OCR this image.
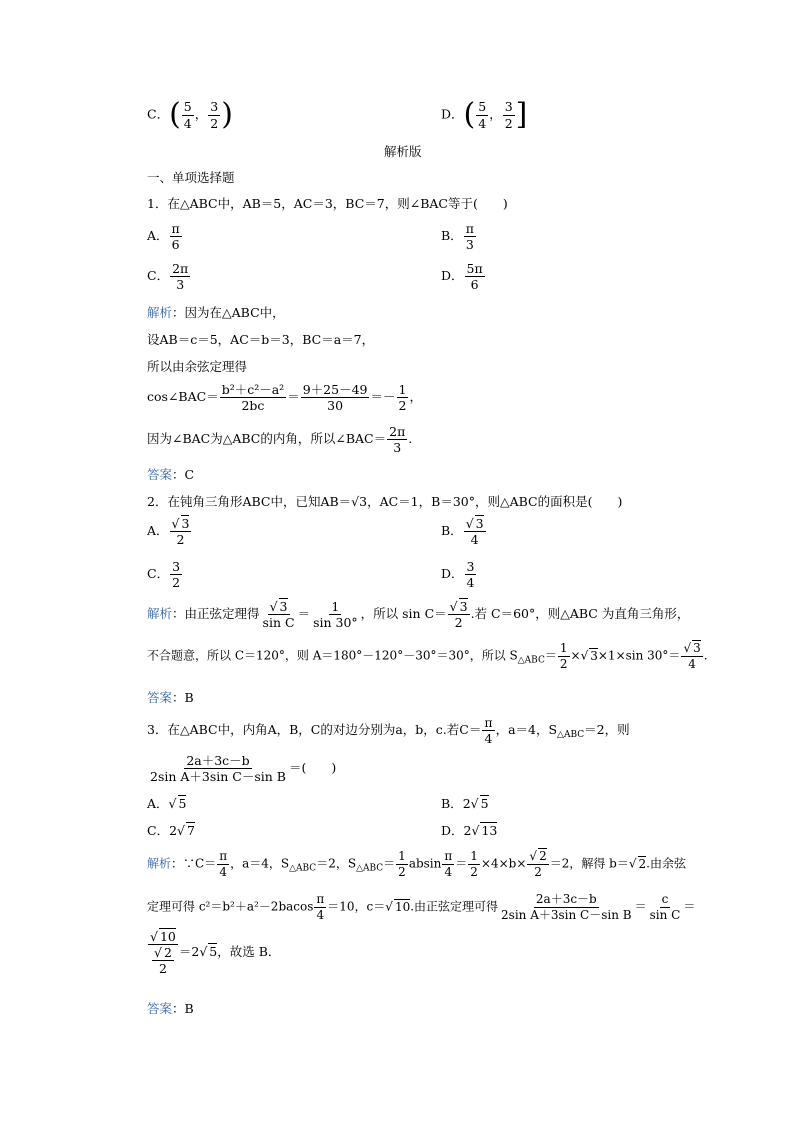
C．( $\frac{5}{4}$ ， $\frac{3}{2}$ )	D．( $\frac{5}{4}$ ， $\frac{3}{2}$ ]
解析版
一、单项选择题
1．在△ABC中，AB＝5，AC＝3，BC＝7，则∠BAC等于(　　)
A． $\frac{\pi}{6}$	B． $\frac{\pi}{3}$
C． $\frac{2\pi}{3}$	D． $\frac{5\pi}{6}$
解析：因为在△ABC中，
设AB＝c＝5，AC＝b＝3，BC＝a＝7，
所以由余弦定理得
cos∠BAC＝ $\frac{\text{b²＋c²－a²}}{2bc} = \frac{9+25-49}{30} =- \frac{1}{2}$ ，
因为∠BAC为△ABC的内角，所以∠BAC＝ $\frac{2\pi}{3}$ .
答案：C
2．在钝角三角形ABC中，已知AB＝√3，AC＝1，B＝30°，则△ABC的面积是(　　)
A． $\frac{√ 3}{2}$	B． $\frac{√ 3}{4}$
C． $\frac{3}{2}$	D． $\frac{3}{4}$
解析：由正弦定理得 $\frac{√ 3}{\text{sin C}} = \frac{1}{\sin 30^\circ}$ ，所以 $\sin C= \frac{√ 3}{2}$ .若 C＝60°，则△ABC 为直角三角形，
不合题意，所以 C＝120°，则 A＝180°－120°－30°＝30°，所以 $S_{\triangle ABC}= \frac{1}{2}$ ×√ 3×1×sin $30^\circ= \frac{√ 3}{4}$ .
答案：B
3．在△ABC中，内角A，B，C的对边分别为a，b，c.若$C= \frac{\pi}{4}$ ，a＝4，$S_{\triangle ABC}=2$，则
$\frac{2a+3c-b}{\text{2sin A＋3sin C－sin B}}$ ＝(　　)
A．√ 5	B．2√ 5
C．2√ 7	D．2√ 13
解析：∵C＝ $\frac{\pi}{4}$ ，a＝4，$S_{\triangle ABC}=2$，$S_{\triangle ABC}= \frac{1}{2}$ absin $\frac{\pi}{4} = \frac{1}{2} \times 4\times b\times \frac{√ 2}{2} =2$，解得 b＝√ 2.由余弦
定理可得 $c^2=b^2+a^2-2bacos \frac{\pi}{4} =10$，c＝√ 10.由正弦定理可得 $\frac{2a+3c-b}{\text{2sin A＋3sin C－sin B}} = \frac{c}{\text{sin C}}$ ＝
$\frac{√ 10}{\frac{√ 2}{2}} =2√$ 5，故选 B．
答案：B
